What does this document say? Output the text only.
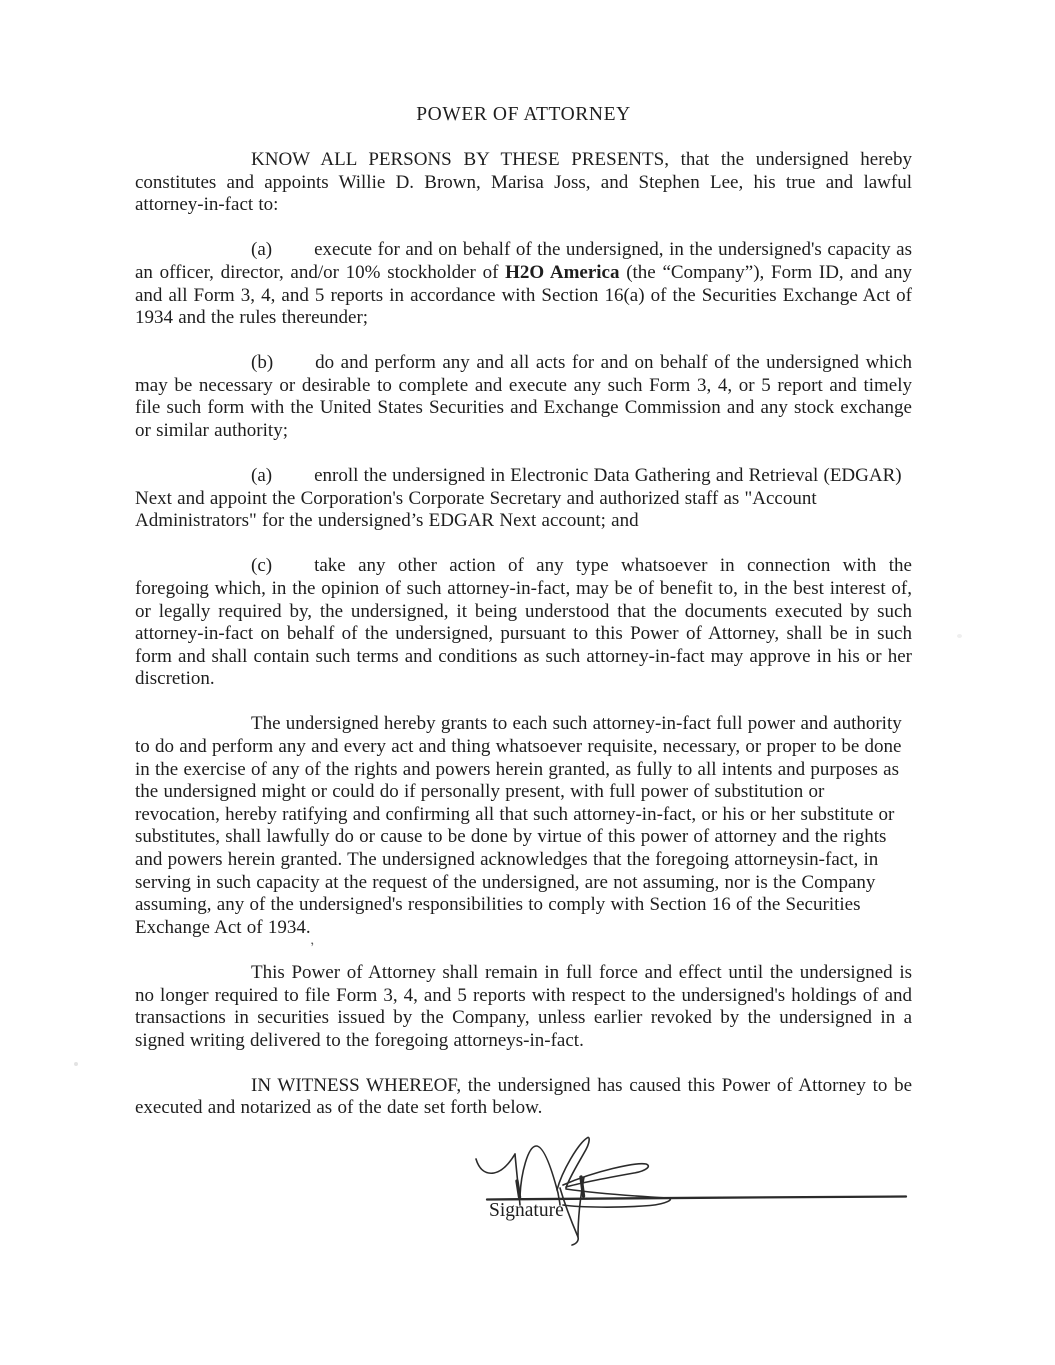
POWER OF ATTORNEY

KNOW ALL PERSONS BY THESE PRESENTS, that the undersigned hereby constitutes and appoints Willie D. Brown, Marisa Joss, and Stephen Lee, his true and lawful attorney-in-fact to:

(a) execute for and on behalf of the undersigned, in the undersigned's capacity as an officer, director, and/or 10% stockholder of H2O America (the “Company”), Form ID, and any and all Form 3, 4, and 5 reports in accordance with Section 16(a) of the Securities Exchange Act of 1934 and the rules thereunder;

(b) do and perform any and all acts for and on behalf of the undersigned which may be necessary or desirable to complete and execute any such Form 3, 4, or 5 report and timely file such form with the United States Securities and Exchange Commission and any stock exchange or similar authority;

(a) enroll the undersigned in Electronic Data Gathering and Retrieval (EDGAR) Next and appoint the Corporation's Corporate Secretary and authorized staff as "Account Administrators" for the undersigned’s EDGAR Next account; and

(c) take any other action of any type whatsoever in connection with the foregoing which, in the opinion of such attorney-in-fact, may be of benefit to, in the best interest of, or legally required by, the undersigned, it being understood that the documents executed by such attorney-in-fact on behalf of the undersigned, pursuant to this Power of Attorney, shall be in such form and shall contain such terms and conditions as such attorney-in-fact may approve in his or her discretion.

The undersigned hereby grants to each such attorney-in-fact full power and authority to do and perform any and every act and thing whatsoever requisite, necessary, or proper to be done in the exercise of any of the rights and powers herein granted, as fully to all intents and purposes as the undersigned might or could do if personally present, with full power of substitution or revocation, hereby ratifying and confirming all that such attorney-in-fact, or his or her substitute or substitutes, shall lawfully do or cause to be done by virtue of this power of attorney and the rights and powers herein granted. The undersigned acknowledges that the foregoing attorneysin-fact, in serving in such capacity at the request of the undersigned, are not assuming, nor is the Company assuming, any of the undersigned's responsibilities to comply with Section 16 of the Securities Exchange Act of 1934.

This Power of Attorney shall remain in full force and effect until the undersigned is no longer required to file Form 3, 4, and 5 reports with respect to the undersigned's holdings of and transactions in securities issued by the Company, unless earlier revoked by the undersigned in a signed writing delivered to the foregoing attorneys-in-fact.

IN WITNESS WHEREOF, the undersigned has caused this Power of Attorney to be executed and notarized as of the date set forth below.

,
Signature
